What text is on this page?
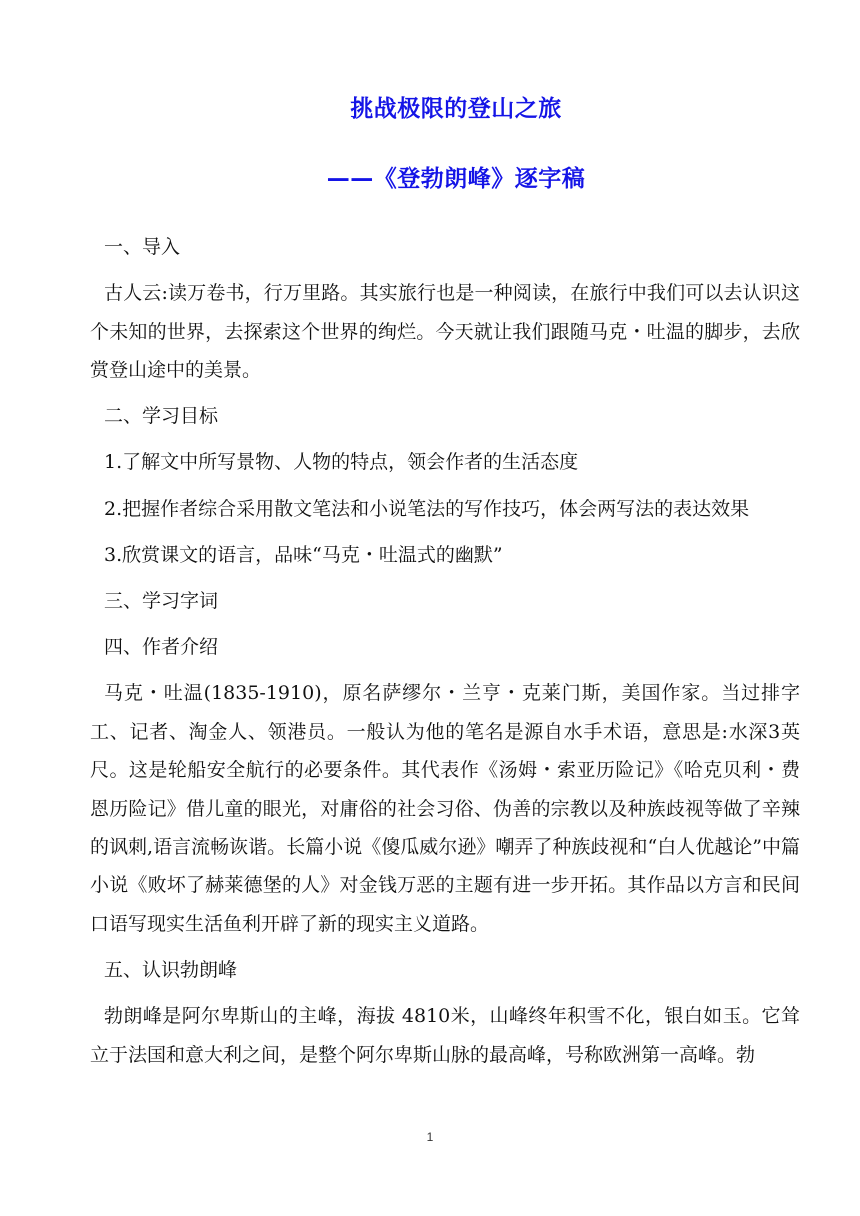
挑战极限的登山之旅
——《登勃朗峰》逐字稿

一、导入

古人云:读万卷书，行万里路。其实旅行也是一种阅读，在旅行中我们可以去认识这个未知的世界，去探索这个世界的绚烂。今天就让我们跟随马克・吐温的脚步，去欣赏登山途中的美景。

二、学习目标

1.了解文中所写景物、人物的特点，领会作者的生活态度

2.把握作者综合采用散文笔法和小说笔法的写作技巧，体会两写法的表达效果

3.欣赏课文的语言，品味“马克・吐温式的幽默”

三、学习字词

四、作者介绍

马克・吐温(1835-1910)，原名萨缪尔・兰亨・克莱门斯，美国作家。当过排字工、记者、淘金人、领港员。一般认为他的笔名是源自水手术语，意思是:水深3英尺。这是轮船安全航行的必要条件。其代表作《汤姆・索亚历险记》《哈克贝利・费恩历险记》借儿童的眼光，对庸俗的社会习俗、伪善的宗教以及种族歧视等做了辛辣的讽刺,语言流畅诙谐。长篇小说《傻瓜威尔逊》嘲弄了种族歧视和“白人优越论”中篇小说《败坏了赫莱德堡的人》对金钱万恶的主题有进一步开拓。其作品以方言和民间口语写现实生活鱼利开辟了新的现实主义道路。

五、认识勃朗峰

勃朗峰是阿尔卑斯山的主峰，海拔 4810米，山峰终年积雪不化，银白如玉。它耸立于法国和意大利之间，是整个阿尔卑斯山脉的最高峰，号称欧洲第一高峰。勃

1
